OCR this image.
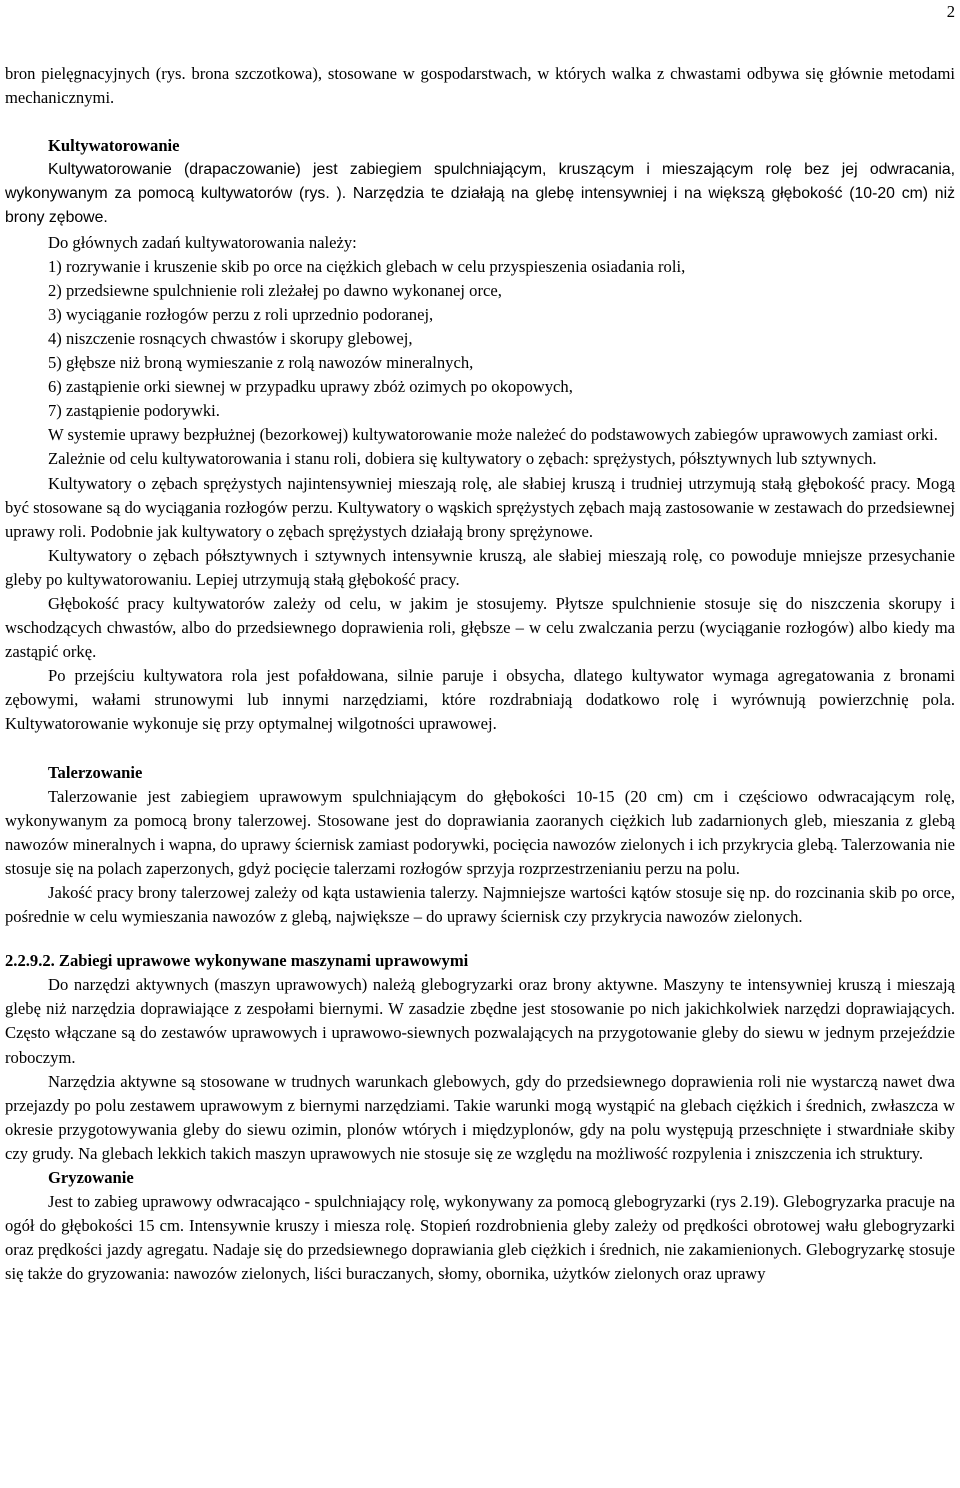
2

bron pielęgnacyjnych (rys. brona szczotkowa), stosowane w gospodarstwach, w których walka z chwastami odbywa się głównie metodami mechanicznymi.

Kultywatorowanie

Kultywatorowanie (drapaczowanie) jest zabiegiem spulchniającym, kruszącym i mieszającym rolę bez jej odwracania, wykonywanym za pomocą kultywatorów (rys. ). Narzędzia te działają na glebę intensywniej i na większą głębokość (10-20 cm) niż brony zębowe.

Do głównych zadań kultywatorowania należy:

1) rozrywanie i kruszenie skib po orce na ciężkich glebach w celu przyspieszenia osiadania roli,

2) przedsiewne spulchnienie roli zleżałej po dawno wykonanej orce,

3) wyciąganie rozłogów perzu z roli uprzednio podoranej,

4) niszczenie rosnących chwastów i skorupy glebowej,

5) głębsze niż broną wymieszanie z rolą nawozów mineralnych,

6) zastąpienie orki siewnej w przypadku uprawy zbóż ozimych po okopowych,

7) zastąpienie podorywki.

W systemie uprawy bezpłużnej (bezorkowej) kultywatorowanie może należeć do podstawowych zabiegów uprawowych zamiast orki.

Zależnie od celu kultywatorowania i stanu roli, dobiera się kultywatory o zębach: sprężystych, półsztywnych lub sztywnych.

Kultywatory o zębach sprężystych najintensywniej mieszają rolę, ale słabiej kruszą i trudniej utrzymują stałą głębokość pracy. Mogą być stosowane są do wyciągania rozłogów perzu. Kultywatory o wąskich sprężystych zębach mają zastosowanie w zestawach do przedsiewnej uprawy roli. Podobnie jak kultywatory o zębach sprężystych działają brony sprężynowe.

Kultywatory o zębach półsztywnych i sztywnych intensywnie kruszą, ale słabiej mieszają rolę, co powoduje mniejsze przesychanie gleby po kultywatorowaniu. Lepiej utrzymują stałą głębokość pracy.

Głębokość pracy kultywatorów zależy od celu, w jakim je stosujemy. Płytsze spulchnienie stosuje się do niszczenia skorupy i wschodzących chwastów, albo do przedsiewnego doprawienia roli, głębsze – w celu zwalczania perzu (wyciąganie rozłogów) albo kiedy ma zastąpić orkę.

Po przejściu kultywatora rola jest pofałdowana, silnie paruje i obsycha, dlatego kultywator wymaga agregatowania z bronami zębowymi, wałami strunowymi lub innymi narzędziami, które rozdrabniają dodatkowo rolę i wyrównują powierzchnię pola. Kultywatorowanie wykonuje się przy optymalnej wilgotności uprawowej.

Talerzowanie

Talerzowanie jest zabiegiem uprawowym spulchniającym do głębokości 10-15 (20 cm) cm i częściowo odwracającym rolę, wykonywanym za pomocą brony talerzowej. Stosowane jest do doprawiania zaoranych ciężkich lub zadarnionych gleb, mieszania z glebą nawozów mineralnych i wapna, do uprawy ściernisk zamiast podorywki, pocięcia nawozów zielonych i ich przykrycia glebą. Talerzowania nie stosuje się na polach zaperzonych, gdyż pocięcie talerzami rozłogów sprzyja rozprzestrzenianiu perzu na polu.

Jakość pracy brony talerzowej zależy od kąta ustawienia talerzy. Najmniejsze wartości kątów stosuje się np. do rozcinania skib po orce, pośrednie w celu wymieszania nawozów z glebą, największe – do uprawy ściernisk czy przykrycia nawozów zielonych.

2.2.9.2. Zabiegi uprawowe wykonywane maszynami uprawowymi

Do narzędzi aktywnych (maszyn uprawowych) należą glebogryzarki oraz brony aktywne. Maszyny te intensywniej kruszą i mieszają glebę niż narzędzia doprawiające z zespołami biernymi. W zasadzie zbędne jest stosowanie po nich jakichkolwiek narzędzi doprawiających. Często włączane są do zestawów uprawowych i uprawowo-siewnych pozwalających na przygotowanie gleby do siewu w jednym przejeździe roboczym.

Narzędzia aktywne są stosowane w trudnych warunkach glebowych, gdy do przedsiewnego doprawienia roli nie wystarczą nawet dwa przejazdy po polu zestawem uprawowym z biernymi narzędziami. Takie warunki mogą wystąpić na glebach ciężkich i średnich, zwłaszcza w okresie przygotowywania gleby do siewu ozimin, plonów wtórych i międzyplonów, gdy na polu występują przeschnięte i stwardniałe skiby czy grudy. Na glebach lekkich takich maszyn uprawowych nie stosuje się ze względu na możliwość rozpylenia i zniszczenia ich struktury.

Gryzowanie

Jest to zabieg uprawowy odwracająco - spulchniający rolę, wykonywany za pomocą glebogryzarki (rys 2.19). Glebogryzarka pracuje na ogół do głębokości 15 cm. Intensywnie kruszy i miesza rolę. Stopień rozdrobnienia gleby zależy od prędkości obrotowej wału glebogryzarki oraz prędkości jazdy agregatu. Nadaje się do przedsiewnego doprawiania gleb ciężkich i średnich, nie zakamienionych. Glebogryzarkę stosuje się także do gryzowania: nawozów zielonych, liści buraczanych, słomy, obornika, użytków zielonych oraz uprawy
